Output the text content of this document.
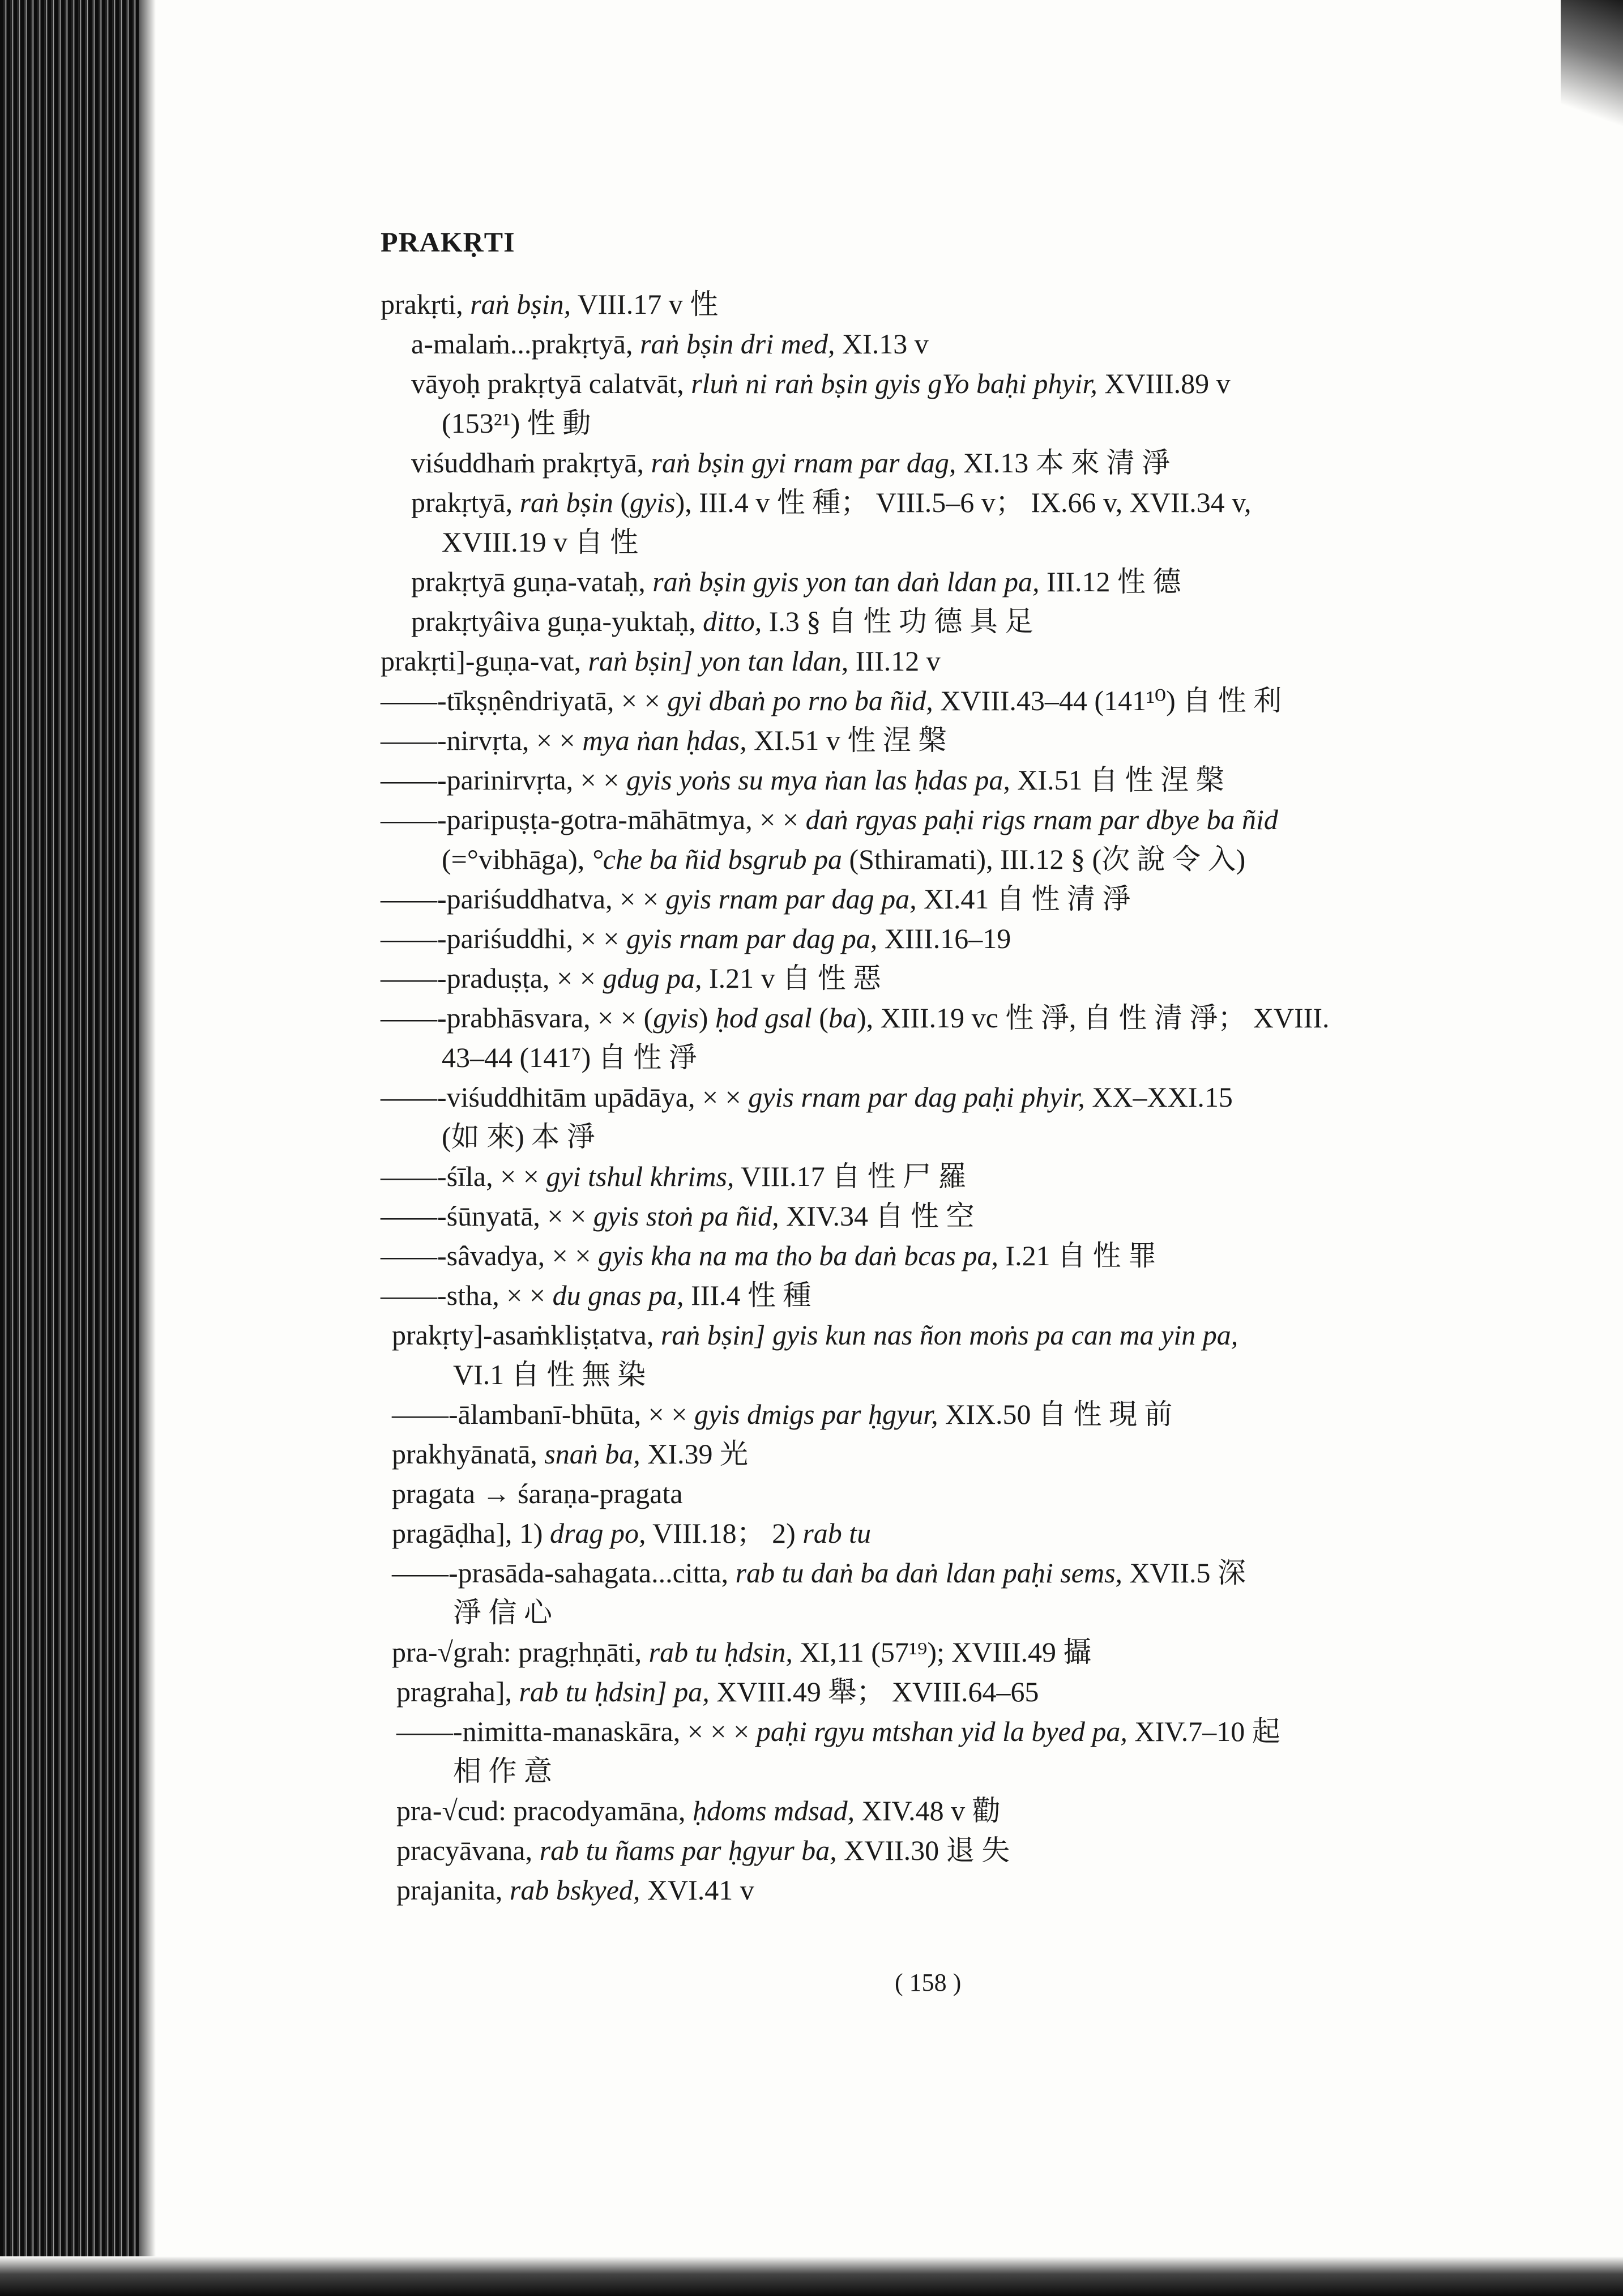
PRAKṚTI
prakṛti, raṅ bṣin, VIII.17 v 性
a-malaṁ...prakṛtyā, raṅ bṣin dri med, XI.13 v
vāyoḥ prakṛtyā calatvāt, rluṅ ni raṅ bṣin gyis gYo baḥi phyir, XVIII.89 v
(153²¹) 性 動
viśuddhaṁ prakṛtyā, raṅ bṣin gyi rnam par dag, XI.13 本 來 清 淨
prakṛtyā, raṅ bṣin (gyis), III.4 v 性 種； VIII.5–6 v； IX.66 v, XVII.34 v,
XVIII.19 v 自 性
prakṛtyā guṇa-vataḥ, raṅ bṣin gyis yon tan daṅ ldan pa, III.12 性 德
prakṛtyâiva guṇa-yuktaḥ, ditto, I.3 § 自 性 功 德 具 足
prakṛti]-guṇa-vat, raṅ bṣin] yon tan ldan, III.12 v
——-tīkṣṇêndriyatā, × × gyi dbaṅ po rno ba ñid, XVIII.43–44 (141¹⁰) 自 性 利
——-nirvṛta, × × mya ṅan ḥdas, XI.51 v 性 涅 槃
——-parinirvṛta, × × gyis yoṅs su mya ṅan las ḥdas pa, XI.51 自 性 涅 槃
——-paripuṣṭa-gotra-māhātmya, × × daṅ rgyas paḥi rigs rnam par dbye ba ñid
(=°vibhāga), °che ba ñid bsgrub pa (Sthiramati), III.12 § (次 說 令 入)
——-pariśuddhatva, × × gyis rnam par dag pa, XI.41 自 性 清 淨
——-pariśuddhi, × × gyis rnam par dag pa, XIII.16–19
——-praduṣṭa, × × gdug pa, I.21 v 自 性 惡
——-prabhāsvara, × × (gyis) ḥod gsal (ba), XIII.19 vc 性 淨, 自 性 清 淨； XVIII.
43–44 (141⁷) 自 性 淨
——-viśuddhitām upādāya, × × gyis rnam par dag paḥi phyir, XX–XXI.15
(如 來) 本 淨
——-śīla, × × gyi tshul khrims, VIII.17 自 性 尸 羅
——-śūnyatā, × × gyis stoṅ pa ñid, XIV.34 自 性 空
——-sâvadya, × × gyis kha na ma tho ba daṅ bcas pa, I.21 自 性 罪
——-stha, × × du gnas pa, III.4 性 種
prakṛty]-asaṁkliṣṭatva, raṅ bṣin] gyis kun nas ñon moṅs pa can ma yin pa,
VI.1 自 性 無 染
——-ālambanī-bhūta, × × gyis dmigs par ḥgyur, XIX.50 自 性 現 前
prakhyānatā, snaṅ ba, XI.39 光
pragata → śaraṇa-pragata
pragāḍha], 1) drag po, VIII.18； 2) rab tu
——-prasāda-sahagata...citta, rab tu daṅ ba daṅ ldan paḥi sems, XVII.5 深
淨 信 心
pra-√grah: pragṛhṇāti, rab tu ḥdsin, XI,11 (57¹⁹); XVIII.49 攝
pragraha], rab tu ḥdsin] pa, XVIII.49 舉； XVIII.64–65
——-nimitta-manaskāra, × × × paḥi rgyu mtshan yid la byed pa, XIV.7–10 起
相 作 意
pra-√cud: pracodyamāna, ḥdoms mdsad, XIV.48 v 勸
pracyāvana, rab tu ñams par ḥgyur ba, XVII.30 退 失
prajanita, rab bskyed, XVI.41 v
( 158 )
